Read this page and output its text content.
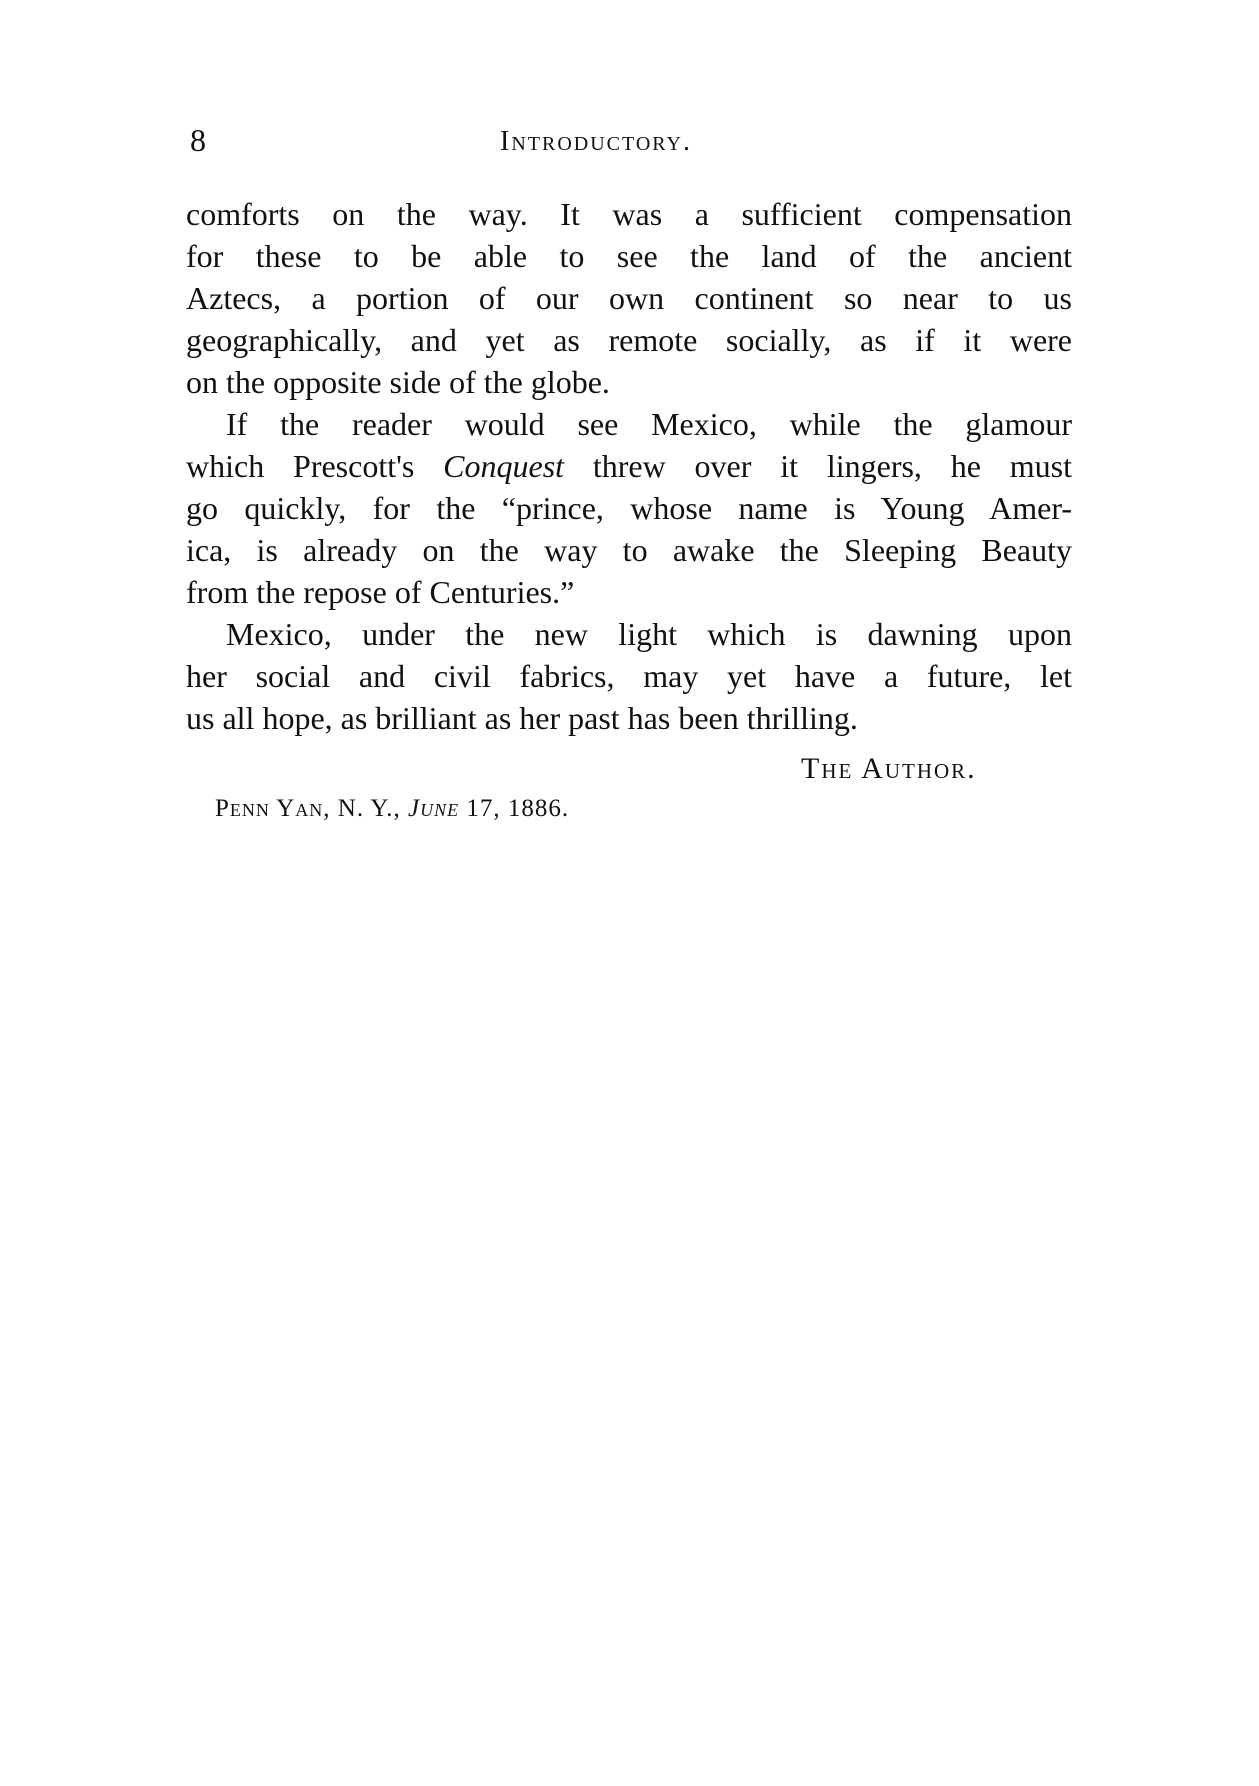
8	Introductory.
comforts on the way. It was a sufficient compensation
for these to be able to see the land of the ancient
Aztecs, a portion of our own continent so near to us
geographically, and yet as remote socially, as if it were
on the opposite side of the globe.
If the reader would see Mexico, while the glamour
which Prescott's Conquest threw over it lingers, he must
go quickly, for the “prince, whose name is Young Amer-
ica, is already on the way to awake the Sleeping Beauty
from the repose of Centuries.”
Mexico, under the new light which is dawning upon
her social and civil fabrics, may yet have a future, let
us all hope, as brilliant as her past has been thrilling.
The Author.
Penn Yan, N. Y., June 17, 1886.
